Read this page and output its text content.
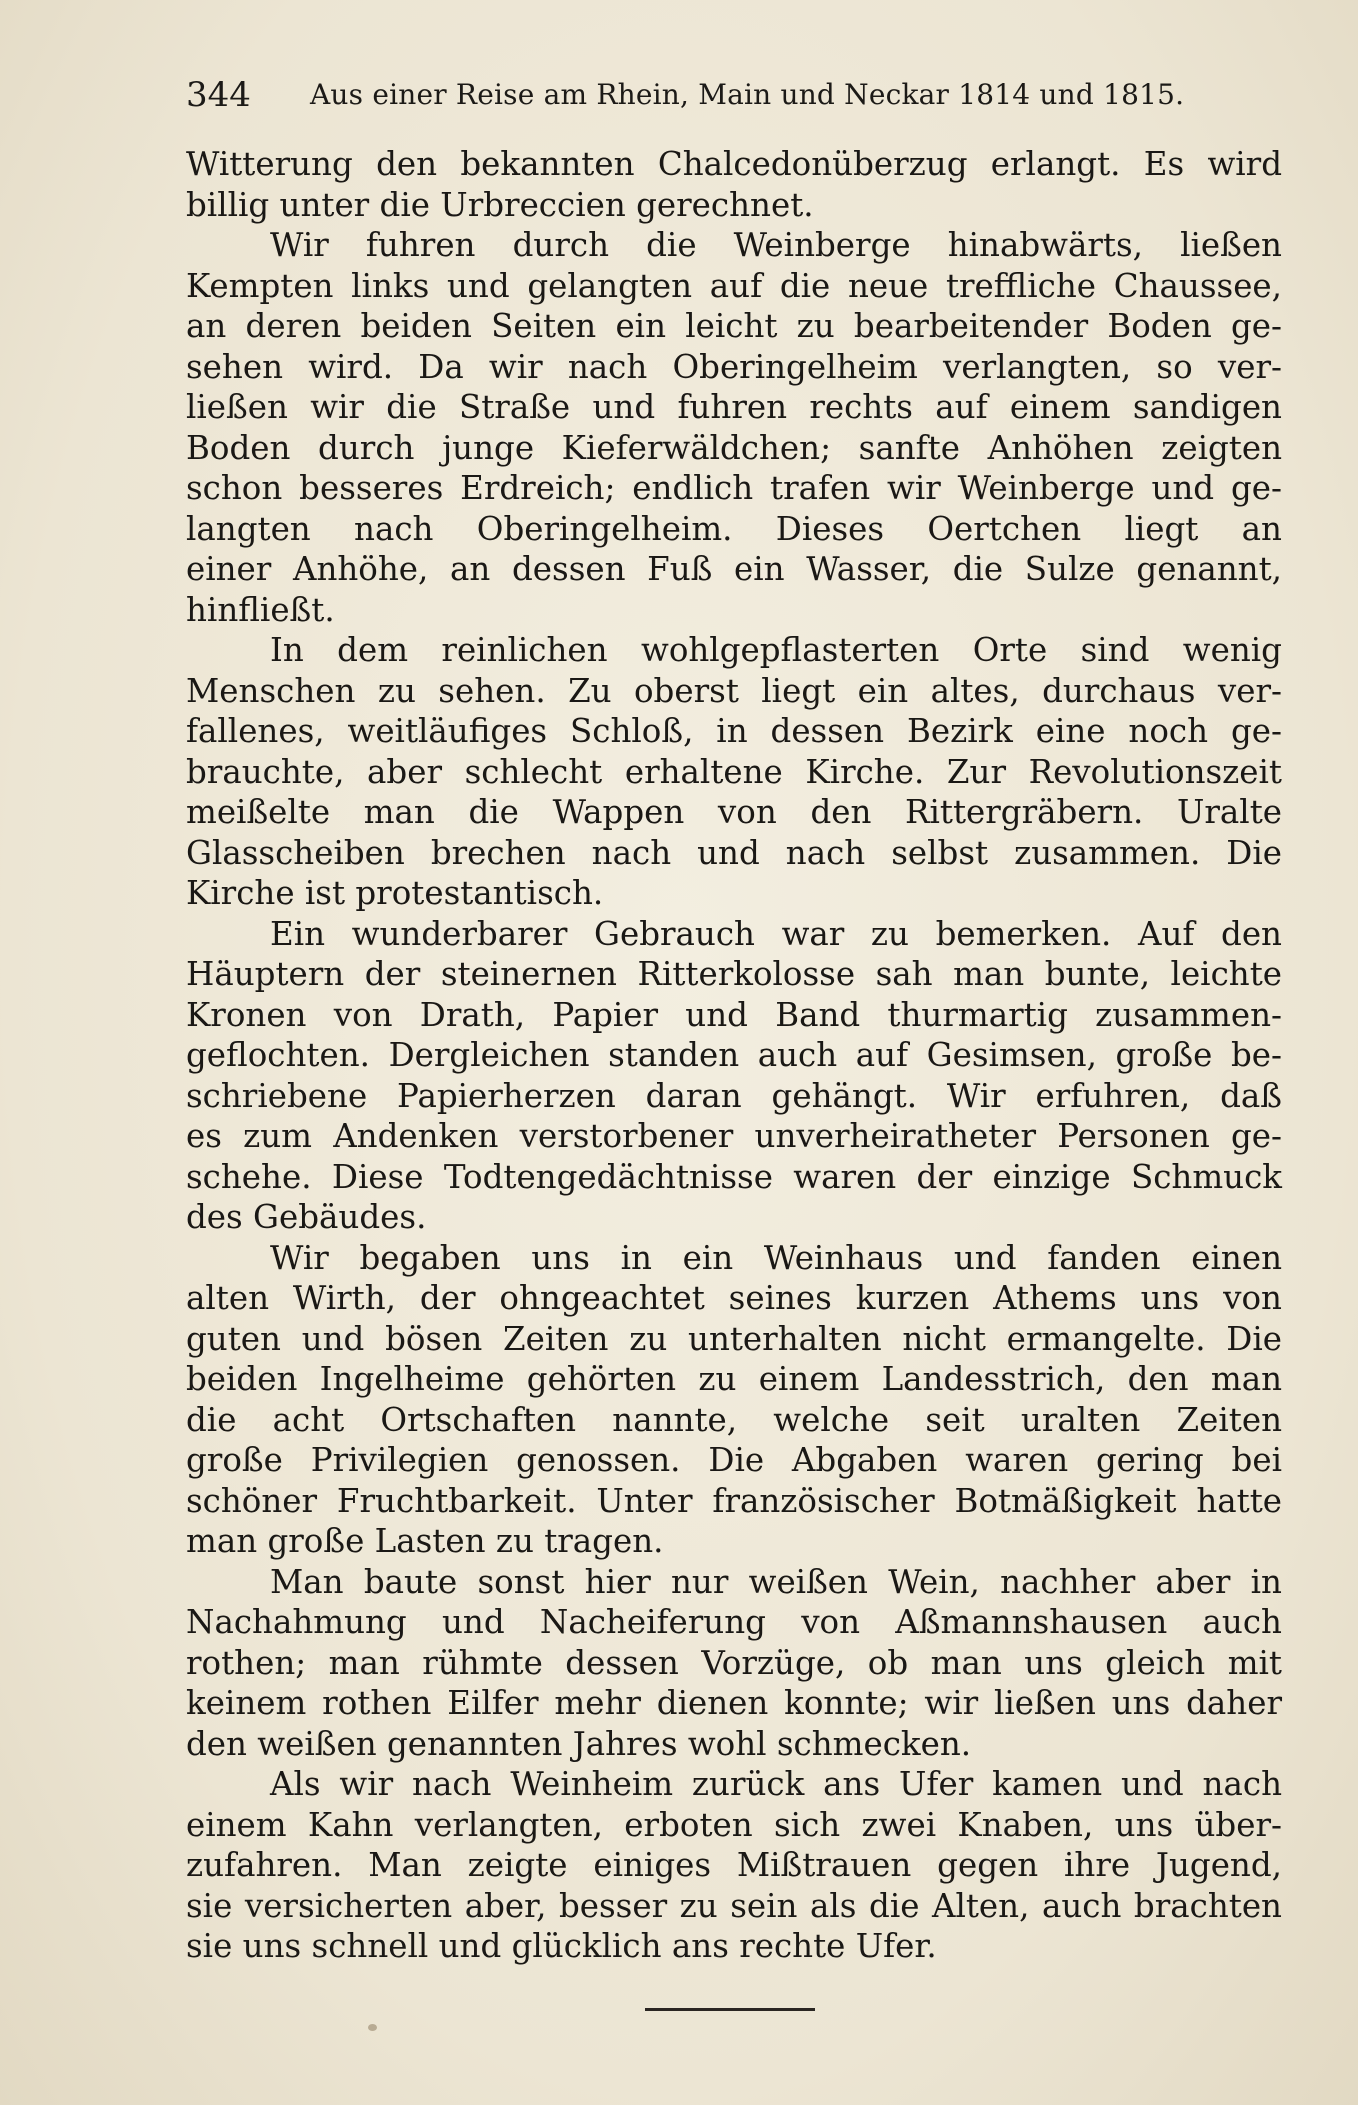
344 Aus einer Reise am Rhein, Main und Neckar 1814 und 1815.
Witterung den bekannten Chalcedonüberzug erlangt. Es wird
billig unter die Urbreccien gerechnet.
Wir fuhren durch die Weinberge hinabwärts, ließen
Kempten links und gelangten auf die neue treffliche Chaussee,
an deren beiden Seiten ein leicht zu bearbeitender Boden ge-
sehen wird. Da wir nach Oberingelheim verlangten, so ver-
ließen wir die Straße und fuhren rechts auf einem sandigen
Boden durch junge Kieferwäldchen; sanfte Anhöhen zeigten
schon besseres Erdreich; endlich trafen wir Weinberge und ge-
langten nach Oberingelheim. Dieses Oertchen liegt an
einer Anhöhe, an dessen Fuß ein Wasser, die Sulze genannt,
hinfließt.
In dem reinlichen wohlgepflasterten Orte sind wenig
Menschen zu sehen. Zu oberst liegt ein altes, durchaus ver-
fallenes, weitläufiges Schloß, in dessen Bezirk eine noch ge-
brauchte, aber schlecht erhaltene Kirche. Zur Revolutionszeit
meißelte man die Wappen von den Rittergräbern. Uralte
Glasscheiben brechen nach und nach selbst zusammen. Die
Kirche ist protestantisch.
Ein wunderbarer Gebrauch war zu bemerken. Auf den
Häuptern der steinernen Ritterkolosse sah man bunte, leichte
Kronen von Drath, Papier und Band thurmartig zusammen-
geflochten. Dergleichen standen auch auf Gesimsen, große be-
schriebene Papierherzen daran gehängt. Wir erfuhren, daß
es zum Andenken verstorbener unverheiratheter Personen ge-
schehe. Diese Todtengedächtnisse waren der einzige Schmuck
des Gebäudes.
Wir begaben uns in ein Weinhaus und fanden einen
alten Wirth, der ohngeachtet seines kurzen Athems uns von
guten und bösen Zeiten zu unterhalten nicht ermangelte. Die
beiden Ingelheime gehörten zu einem Landesstrich, den man
die acht Ortschaften nannte, welche seit uralten Zeiten
große Privilegien genossen. Die Abgaben waren gering bei
schöner Fruchtbarkeit. Unter französischer Botmäßigkeit hatte
man große Lasten zu tragen.
Man baute sonst hier nur weißen Wein, nachher aber in
Nachahmung und Nacheiferung von Aßmannshausen auch
rothen; man rühmte dessen Vorzüge, ob man uns gleich mit
keinem rothen Eilfer mehr dienen konnte; wir ließen uns daher
den weißen genannten Jahres wohl schmecken.
Als wir nach Weinheim zurück ans Ufer kamen und nach
einem Kahn verlangten, erboten sich zwei Knaben, uns über-
zufahren. Man zeigte einiges Mißtrauen gegen ihre Jugend,
sie versicherten aber, besser zu sein als die Alten, auch brachten
sie uns schnell und glücklich ans rechte Ufer.
